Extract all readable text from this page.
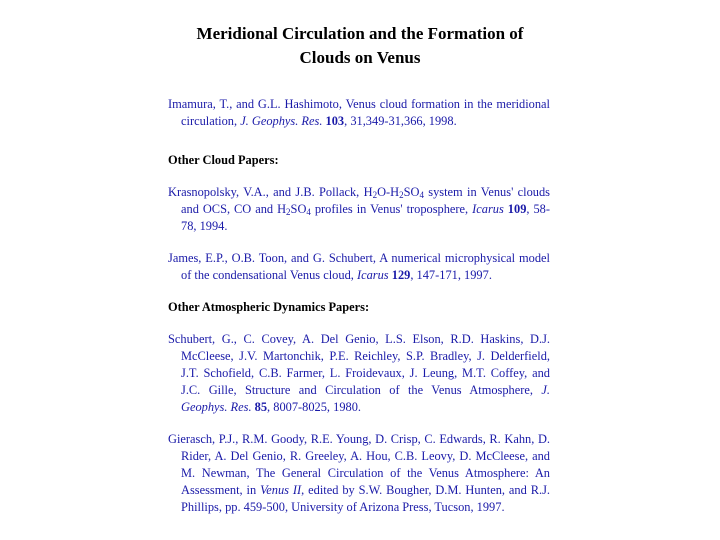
Meridional Circulation and the Formation of
Clouds on Venus

Imamura, T., and G.L. Hashimoto, Venus cloud formation in the meridional circulation, J. Geophys. Res. 103, 31,349-31,366, 1998.

Other Cloud Papers:

Krasnopolsky, V.A., and J.B. Pollack, $H_2O-H_2SO_4$ system in Venus' clouds and OCS, CO and $H_2SO_4$ profiles in Venus' troposphere, Icarus 109, 58-78, 1994.

James, E.P., O.B. Toon, and G. Schubert, A numerical microphysical model of the condensational Venus cloud, Icarus 129, 147-171, 1997.

Other Atmospheric Dynamics Papers:

Schubert, G., C. Covey, A. Del Genio, L.S. Elson, R.D. Haskins, D.J. McCleese, J.V. Martonchik, P.E. Reichley, S.P. Bradley, J. Delderfield, J.T. Schofield, C.B. Farmer, L. Froidevaux, J. Leung, M.T. Coffey, and J.C. Gille, Structure and Circulation of the Venus Atmosphere, J. Geophys. Res. 85, 8007-8025, 1980.

Gierasch, P.J., R.M. Goody, R.E. Young, D. Crisp, C. Edwards, R. Kahn, D. Rider, A. Del Genio, R. Greeley, A. Hou, C.B. Leovy, D. McCleese, and M. Newman, The General Circulation of the Venus Atmosphere: An Assessment, in Venus II, edited by S.W. Bougher, D.M. Hunten, and R.J. Phillips, pp. 459-500, University of Arizona Press, Tucson, 1997.
